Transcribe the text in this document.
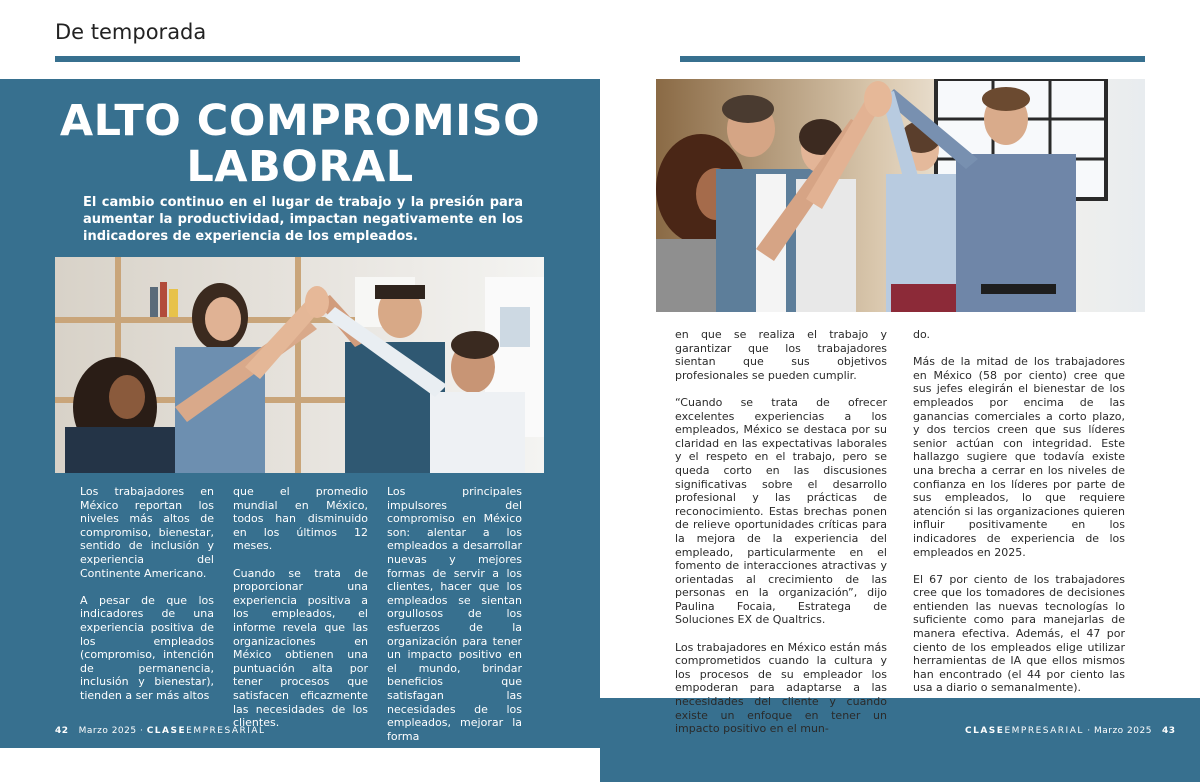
De temporada
ALTO COMPROMISO
LABORAL
El cambio continuo en el lugar de trabajo y la presión para aumentar la productividad, impactan negativamente en los indicadores de experiencia de los empleados.

Los trabajadores en México reportan los niveles más altos de compromiso, bienestar, sentido de inclusión y experiencia del Continente Americano.

A pesar de que los indicadores de una experiencia positiva de los empleados (compromiso, intención de permanencia, inclusión y bienestar), tienden a ser más altos

que el promedio mundial en México, todos han disminuido en los últimos 12 meses.

Cuando se trata de proporcionar una experiencia positiva a los empleados, el informe revela que las organizaciones en México obtienen una puntuación alta por tener procesos que satisfacen eficazmente las necesidades de los clientes.

Los principales impulsores del compromiso en México son: alentar a los empleados a desarrollar nuevas y mejores formas de servir a los clientes, hacer que los empleados se sientan orgullosos de los esfuerzos de la organización para tener un impacto positivo en el mundo, brindar beneficios que satisfagan las necesidades de los empleados, mejorar la forma

en que se realiza el trabajo y garantizar que los trabajadores sientan que sus objetivos profesionales se pueden cumplir.

“Cuando se trata de ofrecer excelentes experiencias a los empleados, México se destaca por su claridad en las expectativas laborales y el respeto en el trabajo, pero se queda corto en las discusiones significativas sobre el desarrollo profesional y las prácticas de reconocimiento. Estas brechas ponen de relieve oportunidades críticas para la mejora de la experiencia del empleado, particularmente en el fomento de interacciones atractivas y orientadas al crecimiento de las personas en la organización”, dijo Paulina Focaia, Estratega de Soluciones EX de Qualtrics.

Los trabajadores en México están más comprometidos cuando la cultura y los procesos de su empleador los empoderan para adaptarse a las necesidades del cliente y cuando existe un enfoque en tener un impacto positivo en el mun-

do.

Más de la mitad de los trabajadores en México (58 por ciento) cree que sus jefes elegirán el bienestar de los empleados por encima de las ganancias comerciales a corto plazo, y dos tercios creen que sus líderes senior actúan con integridad. Este hallazgo sugiere que todavía existe una brecha a cerrar en los niveles de confianza en los líderes por parte de sus empleados, lo que requiere atención si las organizaciones quieren influir positivamente en los indicadores de experiencia de los empleados en 2025.

El 67 por ciento de los trabajadores cree que los tomadores de decisiones entienden las nuevas tecnologías lo suficiente como para manejarlas de manera efectiva. Además, el 47 por ciento de los empleados elige utilizar herramientas de IA que ellos mismos han encontrado (el 44 por ciento las usa a diario o semanalmente).

42 Marzo 2025 · CLASEEMPRESARIAL	CLASEEMPRESARIAL · Marzo 2025 43
